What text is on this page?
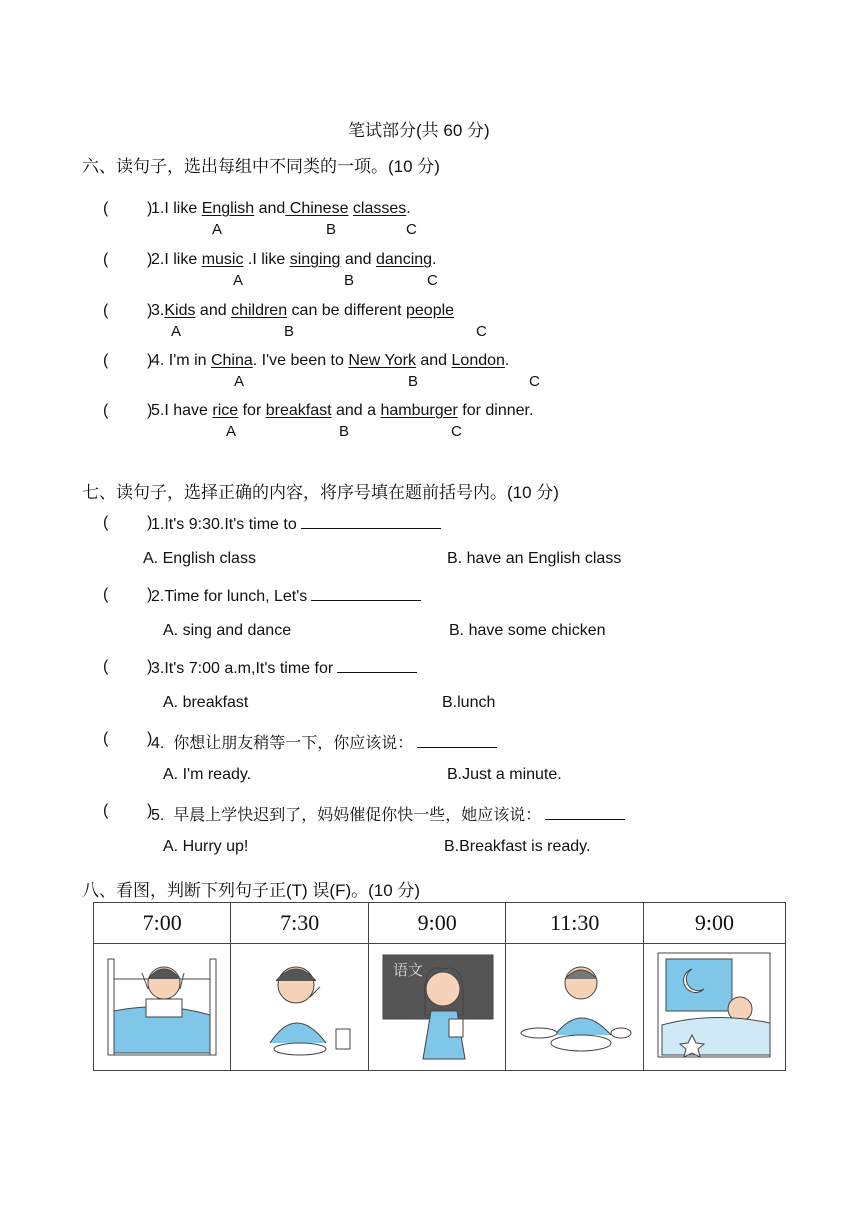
笔试部分(共 60 分)
六、读句子，选出每组中不同类的一项。(10 分)
( )
1.I like English and Chinese classes.
A	B	C
( )
2.I like music .I like singing and dancing.
A	B	C
( )
3.Kids and children can be different people
A	B	C
( )
4. I'm in China. I've been to New York and London.
A	B	C
( )
5.I have rice for breakfast and a hamburger for dinner.
A	B	C
七、读句子，选择正确的内容，将序号填在题前括号内。(10 分)
( )
1.It's 9:30.It's time to
A. English class	B. have an English class
( )
2.Time for lunch, Let's
A. sing and dance	B. have some chicken
( )
3.It's 7:00 a.m,It's time for
A. breakfast	B.lunch
( )
4.  你想让朋友稍等一下，你应该说：
A. I'm ready.	B.Just a minute.
( )
5.  早晨上学快迟到了，妈妈催促你快一些，她应该说：
A. Hurry up!	B.Breakfast is ready.
八、看图，判断下列句子正(T) 误(F)。(10 分)
7:00	7:30	9:00	11:30	9:00

语文
